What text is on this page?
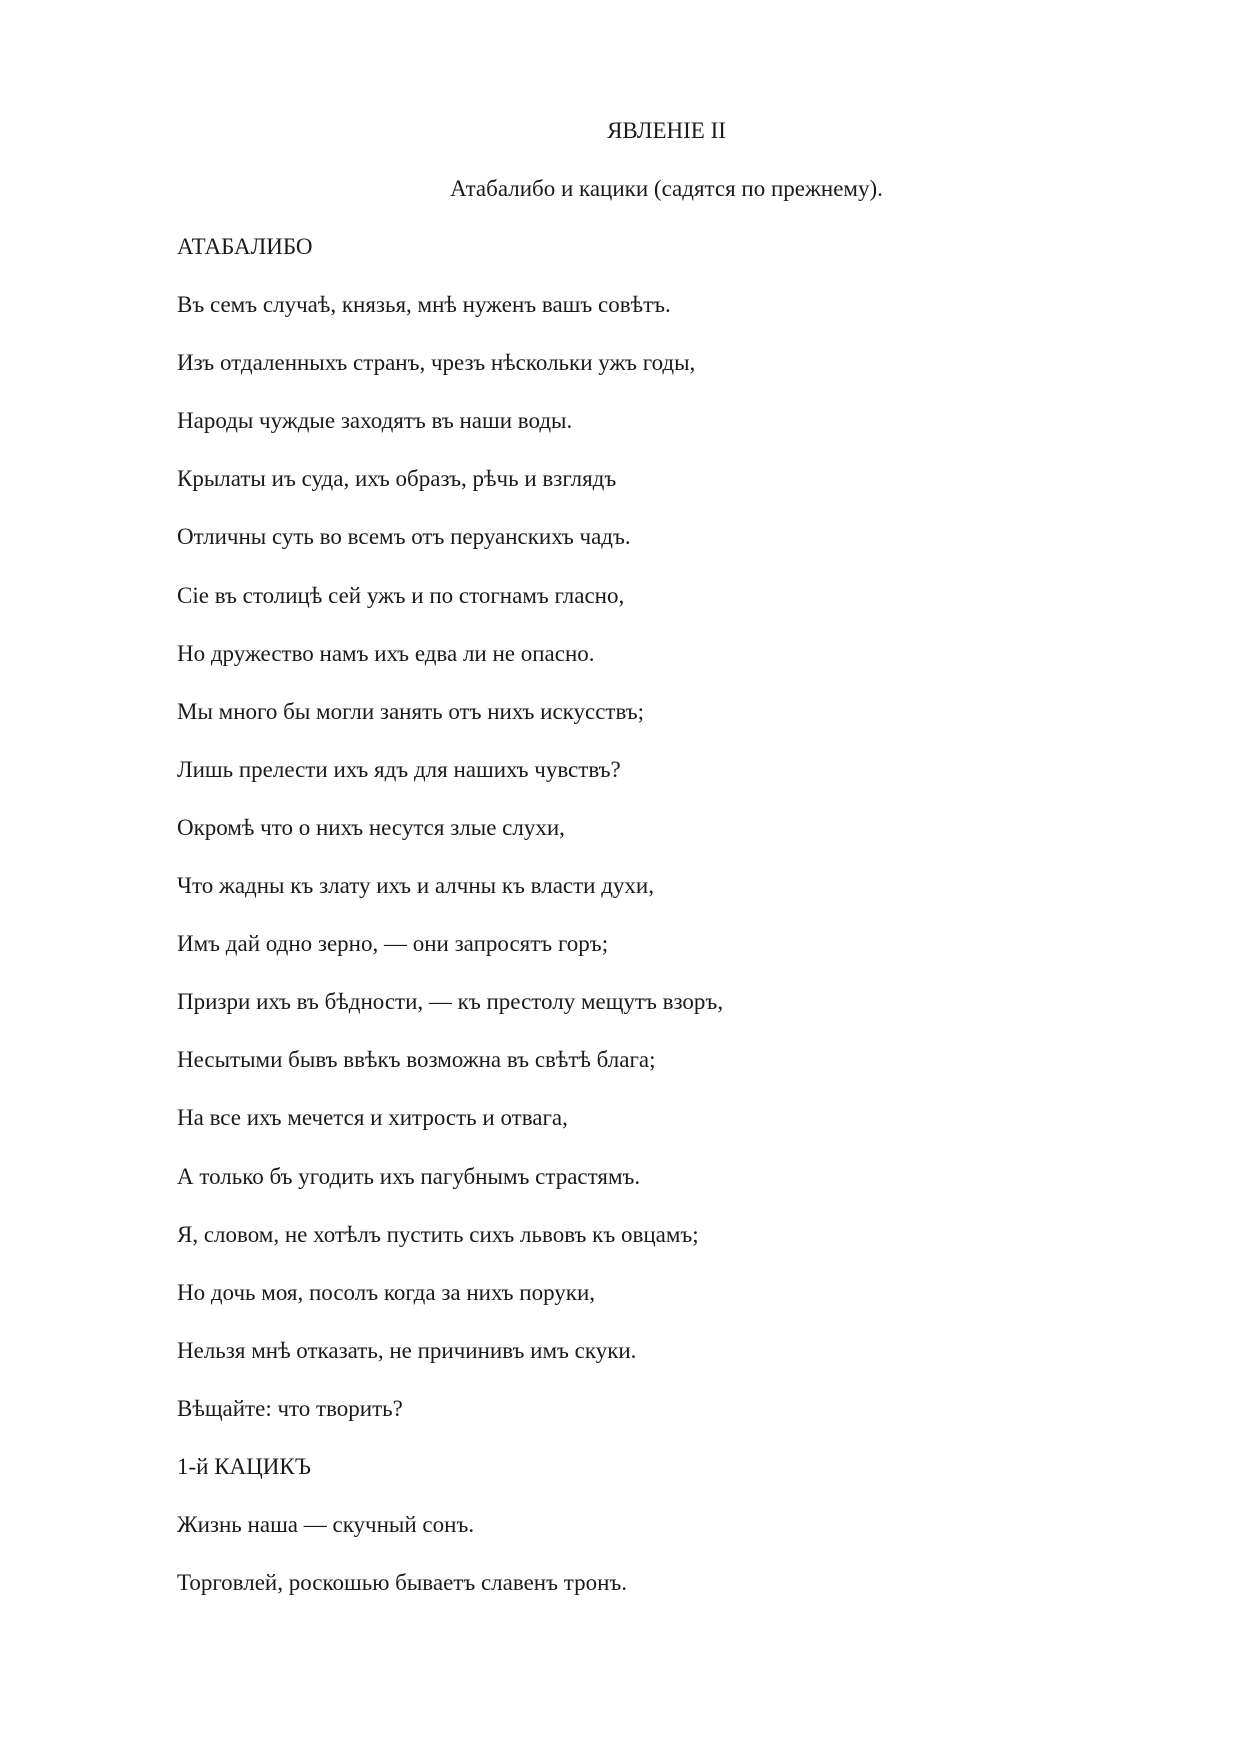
ЯВЛЕНІЕ II
Атабалибо и кацики (садятся по прежнему).
АТАБАЛИБО
Въ семъ случаѣ, князья, мнѣ нуженъ вашъ совѣтъ.
Изъ отдаленныхъ странъ, чрезъ нѣскольки ужъ годы,
Народы чуждые заходятъ въ наши воды.
Крылаты иъ суда, ихъ образъ, рѣчь и взглядъ
Отличны суть во всемъ отъ перуанскихъ чадъ.
Сіе въ столицѣ сей ужъ и по стогнамъ гласно,
Но дружество намъ ихъ едва ли не опасно.
Мы много бы могли занять отъ нихъ искусствъ;
Лишь прелести ихъ ядъ для нашихъ чувствъ?
Окромѣ что о нихъ несутся злые слухи,
Что жадны къ злату ихъ и алчны къ власти духи,
Имъ дай одно зерно, — они запросятъ горъ;
Призри ихъ въ бѣдности, — къ престолу мещутъ взоръ,
Несытыми бывъ ввѣкъ возможна въ свѣтѣ блага;
На все ихъ мечется и хитрость и отвага,
А только бъ угодить ихъ пагубнымъ страстямъ.
Я, словом, не хотѣлъ пустить сихъ львовъ къ овцамъ;
Но дочь моя, посолъ когда за нихъ поруки,
Нельзя мнѣ отказать, не причинивъ имъ скуки.
Вѣщайте: что творить?
1-й КАЦИКЪ
Жизнь наша — скучный сонъ.
Торговлей, роскошью бываетъ славенъ тронъ.
